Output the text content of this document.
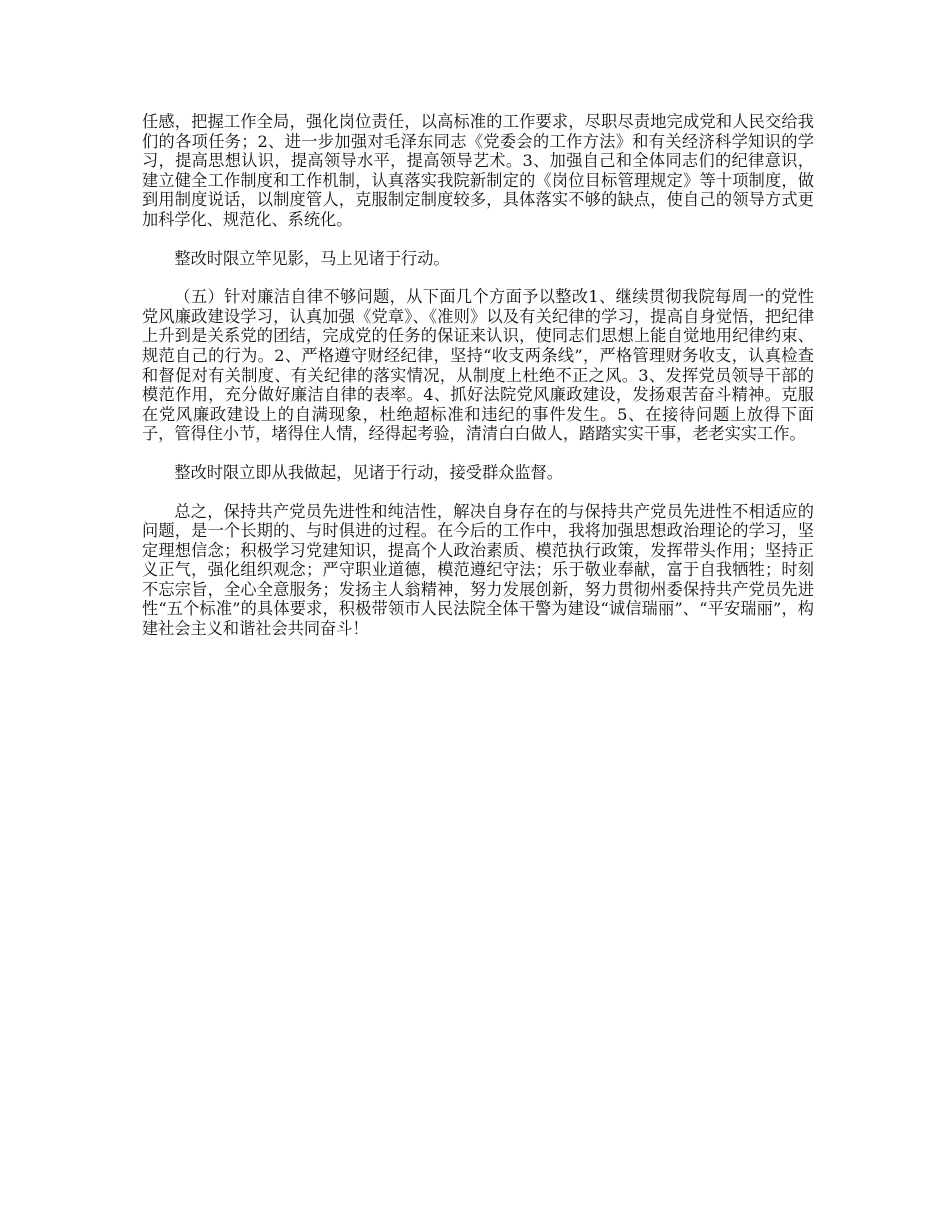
任感，把握工作全局，强化岗位责任，以高标准的工作要求，尽职尽责地完成党和人民交给我们的各项任务；2、进一步加强对毛泽东同志《党委会的工作方法》和有关经济科学知识的学习，提高思想认识，提高领导水平，提高领导艺术。3、加强自己和全体同志们的纪律意识，建立健全工作制度和工作机制，认真落实我院新制定的《岗位目标管理规定》等十项制度，做到用制度说话，以制度管人，克服制定制度较多，具体落实不够的缺点，使自己的领导方式更加科学化、规范化、系统化。

整改时限立竿见影，马上见诸于行动。

（五）针对廉洁自律不够问题，从下面几个方面予以整改1、继续贯彻我院每周一的党性党风廉政建设学习，认真加强《党章》、《准则》以及有关纪律的学习，提高自身觉悟，把纪律上升到是关系党的团结，完成党的任务的保证来认识，使同志们思想上能自觉地用纪律约束、规范自己的行为。2、严格遵守财经纪律，坚持“收支两条线”，严格管理财务收支，认真检查和督促对有关制度、有关纪律的落实情况，从制度上杜绝不正之风。3、发挥党员领导干部的模范作用，充分做好廉洁自律的表率。4、抓好法院党风廉政建设，发扬艰苦奋斗精神。克服在党风廉政建设上的自满现象，杜绝超标准和违纪的事件发生。5、在接待问题上放得下面子，管得住小节，堵得住人情，经得起考验，清清白白做人，踏踏实实干事，老老实实工作。

整改时限立即从我做起，见诸于行动，接受群众监督。

总之，保持共产党员先进性和纯洁性，解决自身存在的与保持共产党员先进性不相适应的问题，是一个长期的、与时俱进的过程。在今后的工作中，我将加强思想政治理论的学习，坚定理想信念；积极学习党建知识，提高个人政治素质、模范执行政策，发挥带头作用；坚持正义正气，强化组织观念；严守职业道德，模范遵纪守法；乐于敬业奉献，富于自我牺牲；时刻不忘宗旨，全心全意服务；发扬主人翁精神，努力发展创新，努力贯彻州委保持共产党员先进性“五个标准”的具体要求，积极带领市人民法院全体干警为建设“诚信瑞丽”、“平安瑞丽”，构建社会主义和谐社会共同奋斗！
